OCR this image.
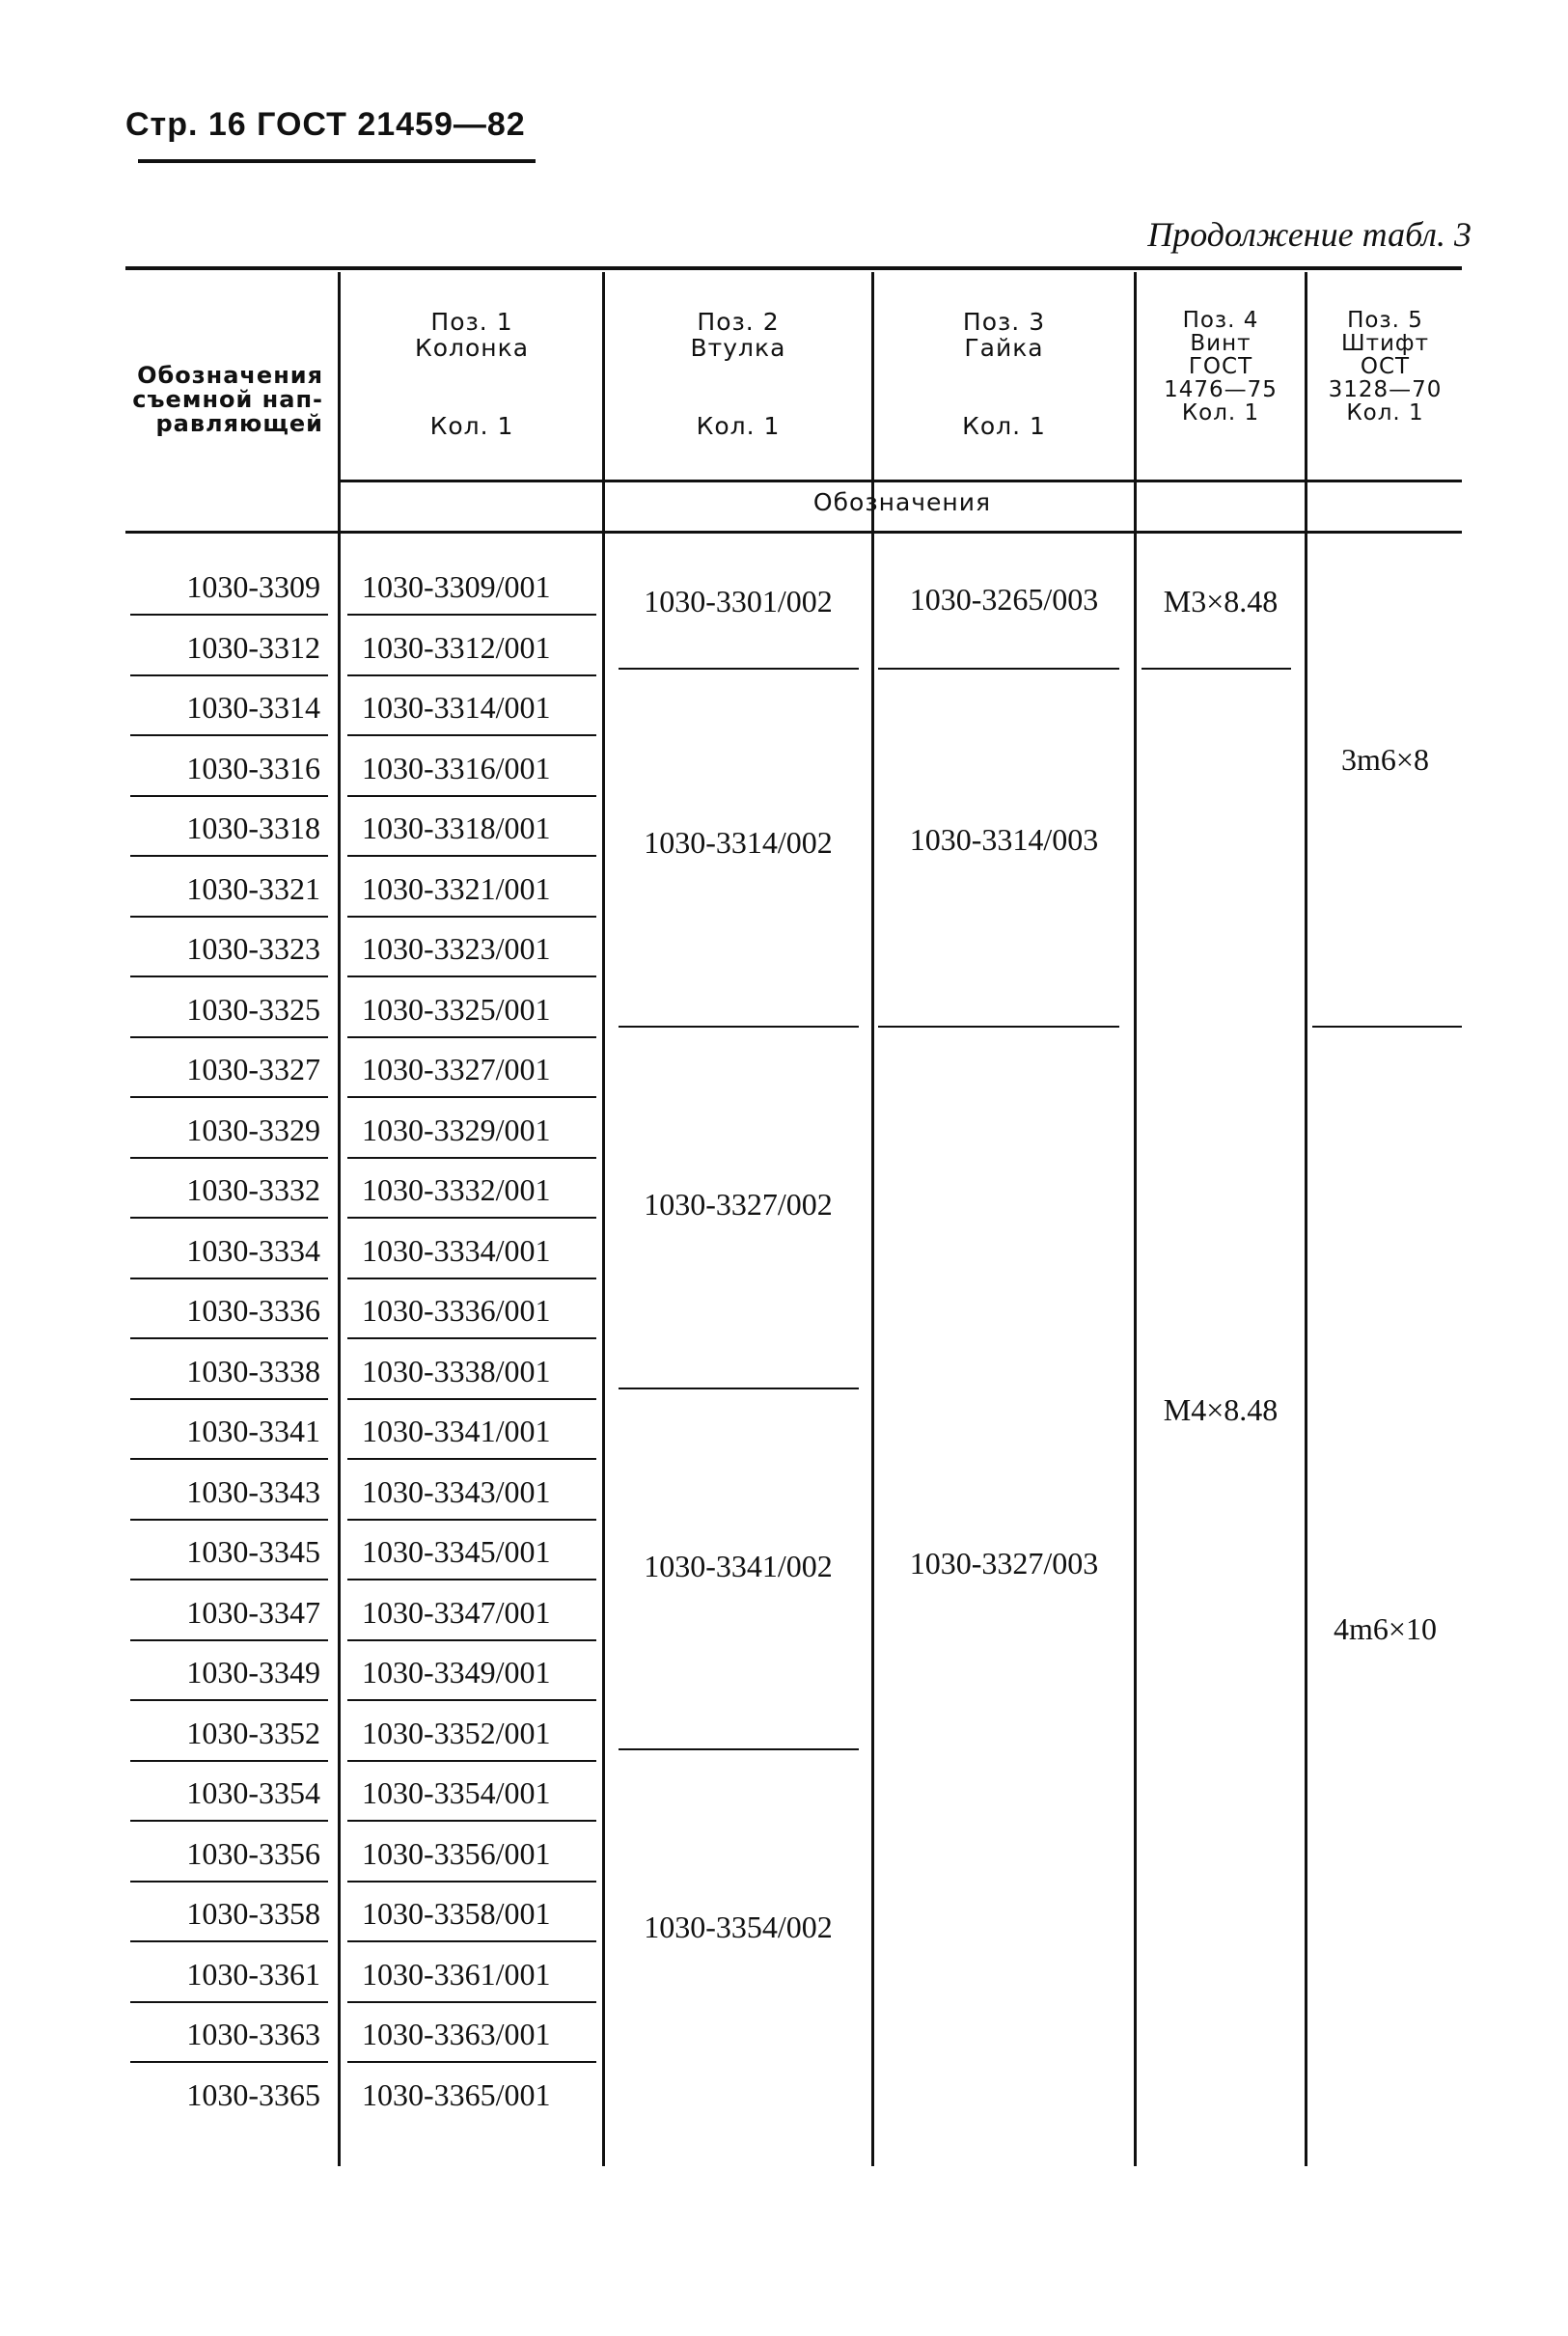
Стр. 16 ГОСТ 21459—82
Продолжение табл. 3
Обозначения
съемной нап-
равляющей
Поз. 1
Колонка
Кол. 1
Поз. 2
Втулка
Кол. 1
Поз. 3
Гайка
Кол. 1
Поз. 4
Винт
ГОСТ
1476—75
Кол. 1
Поз. 5
Штифт
ОСТ
3128—70
Кол. 1
Обозначения
1030-3309 1030-3309/001
1030-3312 1030-3312/001
1030-3314 1030-3314/001
1030-3316 1030-3316/001
1030-3318 1030-3318/001
1030-3321 1030-3321/001
1030-3323 1030-3323/001
1030-3325 1030-3325/001
1030-3327 1030-3327/001
1030-3329 1030-3329/001
1030-3332 1030-3332/001
1030-3334 1030-3334/001
1030-3336 1030-3336/001
1030-3338 1030-3338/001
1030-3341 1030-3341/001
1030-3343 1030-3343/001
1030-3345 1030-3345/001
1030-3347 1030-3347/001
1030-3349 1030-3349/001
1030-3352 1030-3352/001
1030-3354 1030-3354/001
1030-3356 1030-3356/001
1030-3358 1030-3358/001
1030-3361 1030-3361/001
1030-3363 1030-3363/001
1030-3365 1030-3365/001
1030-3301/002
1030-3314/002
1030-3327/002
1030-3341/002
1030-3354/002
1030-3265/003
1030-3314/003
1030-3327/003
М3×8.48
М4×8.48
3m6×8
4m6×10
